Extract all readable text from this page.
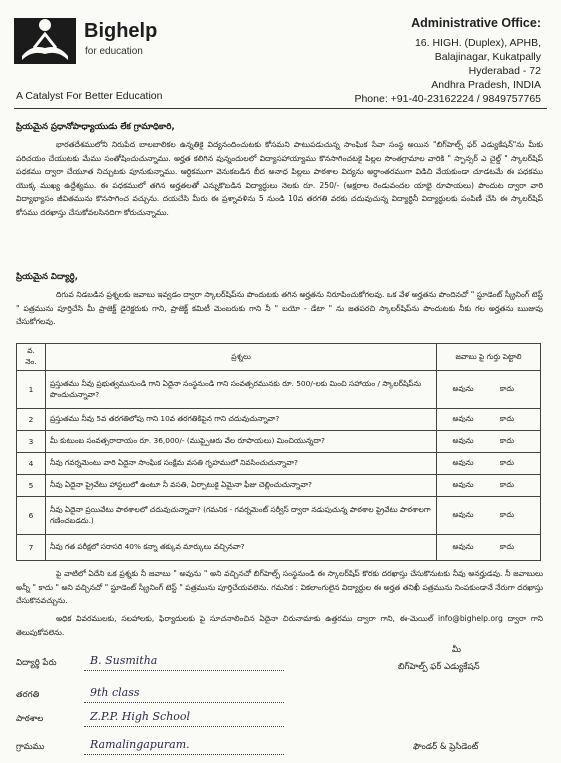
Bighelp
for education
A Catalyst For Better Education
Administrative Office:
16. HIGH. (Duplex), APHB,
Balajinagar, Kukatpally
Hyderabad - 72
Andhra Pradesh, INDIA
Phone: +91-40-23162224 / 9849757765
ప్రియమైన ప్రధానోపాధ్యాయుడు లేక గ్రామాధికారి,
భారతదేశములోని నిరుపేద బాలబాలికల ఉన్నతికై విద్యనందించుటకు కోసమని పాటుపడుచున్న సాంఘిక సేవా సంస్థ అయిన "బిగ్‌హెల్ప్ ఫర్ ఎడ్యుకేషన్"ను మీకు పరిచయం చేయుటకు మేము సంతోషించుచున్నాము. అర్హత కలిగిన వున్నందులలో విద్యాసహాయ్యాము కొనసాగించటకై పిల్లల సొంతగ్రామాల వారికి " స్పాన్సర్ ఎ చైల్డ్ " స్కాలర్‌షిప్ పధకము ద్వారా చేయూత నిచ్చుటకు పూనుకున్నాము. ఆర్ధికముగా వెనుకబడిన బీద అనాధ పిల్లలు పాఠశాల విద్యను అర్ధాంతరముగా విడిచి వేయకుండా చూడటమే ఈ పధకము యొక్క ముఖ్య ఉద్దేశ్యము. ఈ పధకములో తగిన అర్హతలతో ఎన్నుకొబడిన విద్యార్ధులు నెలకు రూ. 250/- (అక్షరాల రెండువందల యాభై రూపాయలు) పొందుట ద్వారా వారి విద్యాభ్యాసం జీవితమును కొనసాగించ వచ్చును. దయచేసి మీరు ఈ ప్రశ్నావళిను 5 నుండి 10వ తరగతి వరకు చదువుచున్న విద్యార్ధినీ విద్యార్ధులకు పంపిణీ చేసి ఈ స్కాలర్‌షిప్ కోసము దరఖాస్తు చేసుకోవలసినదిగా కోరుచున్నాము.
ప్రియమైన విద్యార్ధి,
దిగువ నిడబడిన ప్రశ్నలకు జవాబు ఇవ్వడం ద్వారా స్కాలర్‌షిప్‌ను పొందుటకు తగిన అర్హతను నిరూపించుకోగలవు. ఒక వేళ అర్హతను పొందినచో " స్టూడెంట్ స్క్రీనింగ్ టెస్ట్ " పత్రమును పూర్తిచేసి మీ ప్రాజెక్ట్ డైరెక్టరుకు గాని, ప్రాజెక్ట్ కమిటీ మెంబరుకు గాని నీ " బయో - డేటా " ను జతపరచి స్కాలర్‌షిప్‌ను పొందుటకు నీకు గల అర్హతను ఋజువు చేసుకోగలవు.
వ. నెం.	ప్రశ్నలు	జవాబు పై గుర్తు పెట్టాలి
1	ప్రస్తుతము నీవు ప్రభుత్వమునుండి గాని ఏదైనా సంస్థనుండి గాని సంవత్సరమునకు రూ. 500/-లకు మించి సహాయం / స్కాలర్‌షిప్‌ను పొందుచున్నావా?	అవును కాదు
2	ప్రస్తుతము నీవు 5వ తరగతిలోపు గాని 10వ తరగతికిపైన గాని చదువుచున్నావా?	అవును కాదు
3	మీ కుటుంబ సంవత్సరాదాయం రూ. 36,000/- (ముప్పైఆరు వేల రూపాయలు) మించియున్నదా?	అవును కాదు
4	నీవు గవర్నమెంటు వారి ఏదైనా సాంఘిక సంక్షేమ వసతి గృహములో నివసించుచున్నావా?	అవును కాదు
5	నీవు ఏదైనా ప్రైవేటు హాస్టలులో ఉంటూ నీ వసతి, ఏర్పాటుకై ఏమైనా ఫీజు చెల్లించుచున్నావా?	అవును కాదు
6	నీవు ఏదైనా ప్రయివేటు పాఠశాలలో చదువుచున్నావా? (గమనిక - గవర్నమెంట్ సర్వీస్ ద్వారా నడుపుచున్న పాఠశాల ప్రైవేటు పాఠశాలగా గణించబడదు.)	అవును కాదు
7	నీవు గత పరీక్షలో సరాసరి 40% కన్నా తక్కువ మార్కులు వచ్చినవా?	అవును కాదు
పై వాటిలో ఏదేని ఒక ప్రశ్నకు నీ జవాబు " అవును " అని వచ్చినచో బిగ్‌హెల్ప్ సంస్థనుండి ఈ స్కాలర్‌షిప్ కొరకు దరఖాస్తు చేసుకొనుటకు నీవు అనర్హుడవు. నీ జవాబులు అన్నీ " కాదు " అని వచ్చినచో " స్టూడెంట్ స్క్రీనింగ్ టెస్ట్ " పత్రమును పూర్తిచేయవలెను. గమనిక : వికలాంగులైన విద్యార్ధుల ఈ అర్హత తనిఖీ పత్రమును నింపకుండానే నేరుగా దరఖాస్తు చేసుకొనవచ్చును.
అధిక వివరములకు, సలహాలకు, ఫిర్యాదులకు పై సూచనాలించిన ఏదైనా చిరునామాకు ఉత్తరము ద్వారా గాని, ఈ-మెయిల్ info@bighelp.org ద్వారా గాని తెలుపుకోవలెను.
విద్యార్థి పేరు	B. Susmitha
తరగతి	9th class
పాఠశాల	Z.P.P. High School
గ్రామము	Ramalingapuram.
మీ
బిగ్‌హెల్ప్ ఫర్ ఎడ్యుకేషన్
ఫౌండర్ & ప్రెసిడెంట్
